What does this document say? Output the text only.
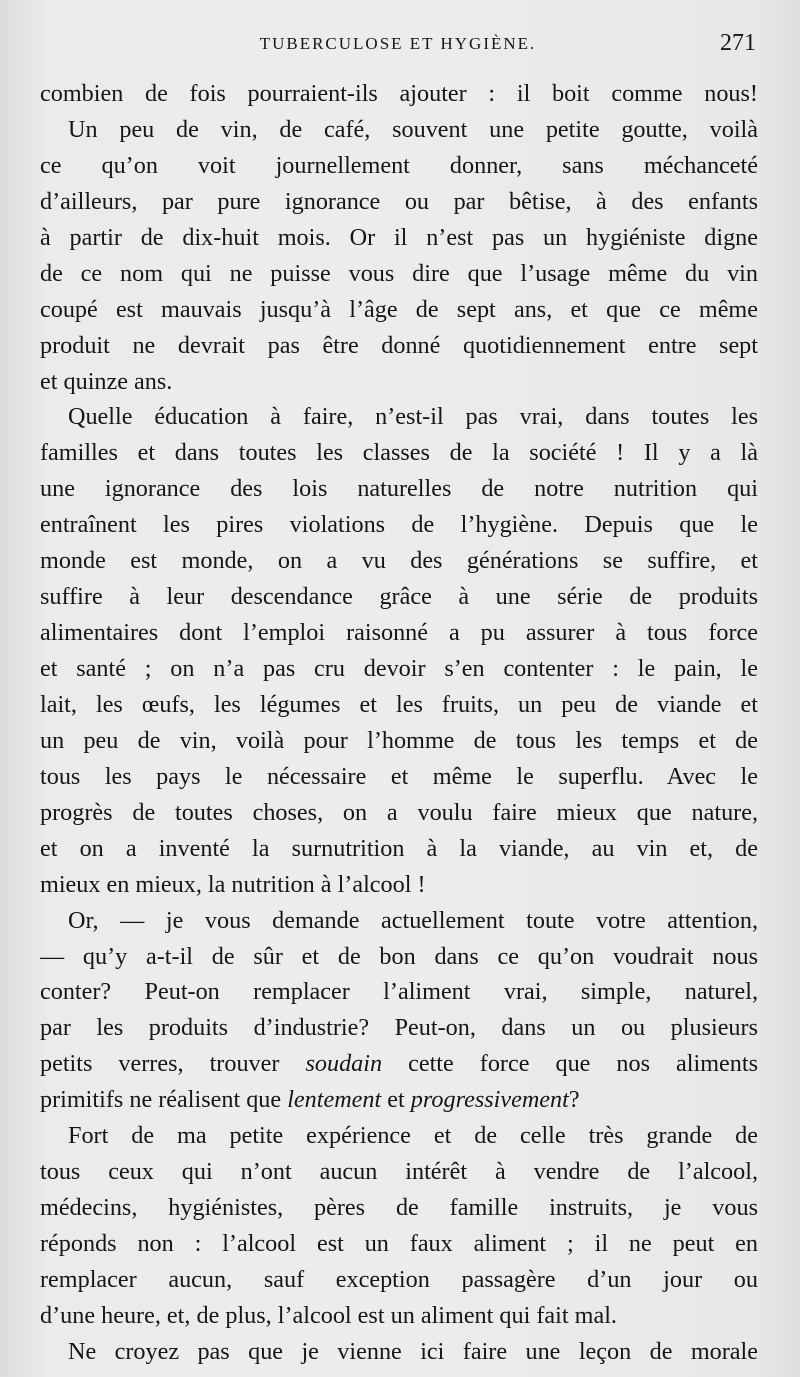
TUBERCULOSE ET HYGIÈNE.	271
combien de fois pourraient-ils ajouter : il boit comme nous!
Un peu de vin, de café, souvent une petite goutte, voilà
ce qu’on voit journellement donner, sans méchanceté
d’ailleurs, par pure ignorance ou par bêtise, à des enfants
à partir de dix-huit mois. Or il n’est pas un hygiéniste digne
de ce nom qui ne puisse vous dire que l’usage même du vin
coupé est mauvais jusqu’à l’âge de sept ans, et que ce même
produit ne devrait pas être donné quotidiennement entre sept
et quinze ans.
Quelle éducation à faire, n’est-il pas vrai, dans toutes les
familles et dans toutes les classes de la société ! Il y a là
une ignorance des lois naturelles de notre nutrition qui
entraînent les pires violations de l’hygiène. Depuis que le
monde est monde, on a vu des générations se suffire, et
suffire à leur descendance grâce à une série de produits
alimentaires dont l’emploi raisonné a pu assurer à tous force
et santé ; on n’a pas cru devoir s’en contenter : le pain, le
lait, les œufs, les légumes et les fruits, un peu de viande et
un peu de vin, voilà pour l’homme de tous les temps et de
tous les pays le nécessaire et même le superflu. Avec le
progrès de toutes choses, on a voulu faire mieux que nature,
et on a inventé la surnutrition à la viande, au vin et, de
mieux en mieux, la nutrition à l’alcool !
Or, — je vous demande actuellement toute votre attention,
— qu’y a-t-il de sûr et de bon dans ce qu’on voudrait nous
conter? Peut-on remplacer l’aliment vrai, simple, naturel,
par les produits d’industrie? Peut-on, dans un ou plusieurs
petits verres, trouver soudain cette force que nos aliments
primitifs ne réalisent que lentement et progressivement?
Fort de ma petite expérience et de celle très grande de
tous ceux qui n’ont aucun intérêt à vendre de l’alcool,
médecins, hygiénistes, pères de famille instruits, je vous
réponds non : l’alcool est un faux aliment ; il ne peut en
remplacer aucun, sauf exception passagère d’un jour ou
d’une heure, et, de plus, l’alcool est un aliment qui fait mal.
Ne croyez pas que je vienne ici faire une leçon de morale
